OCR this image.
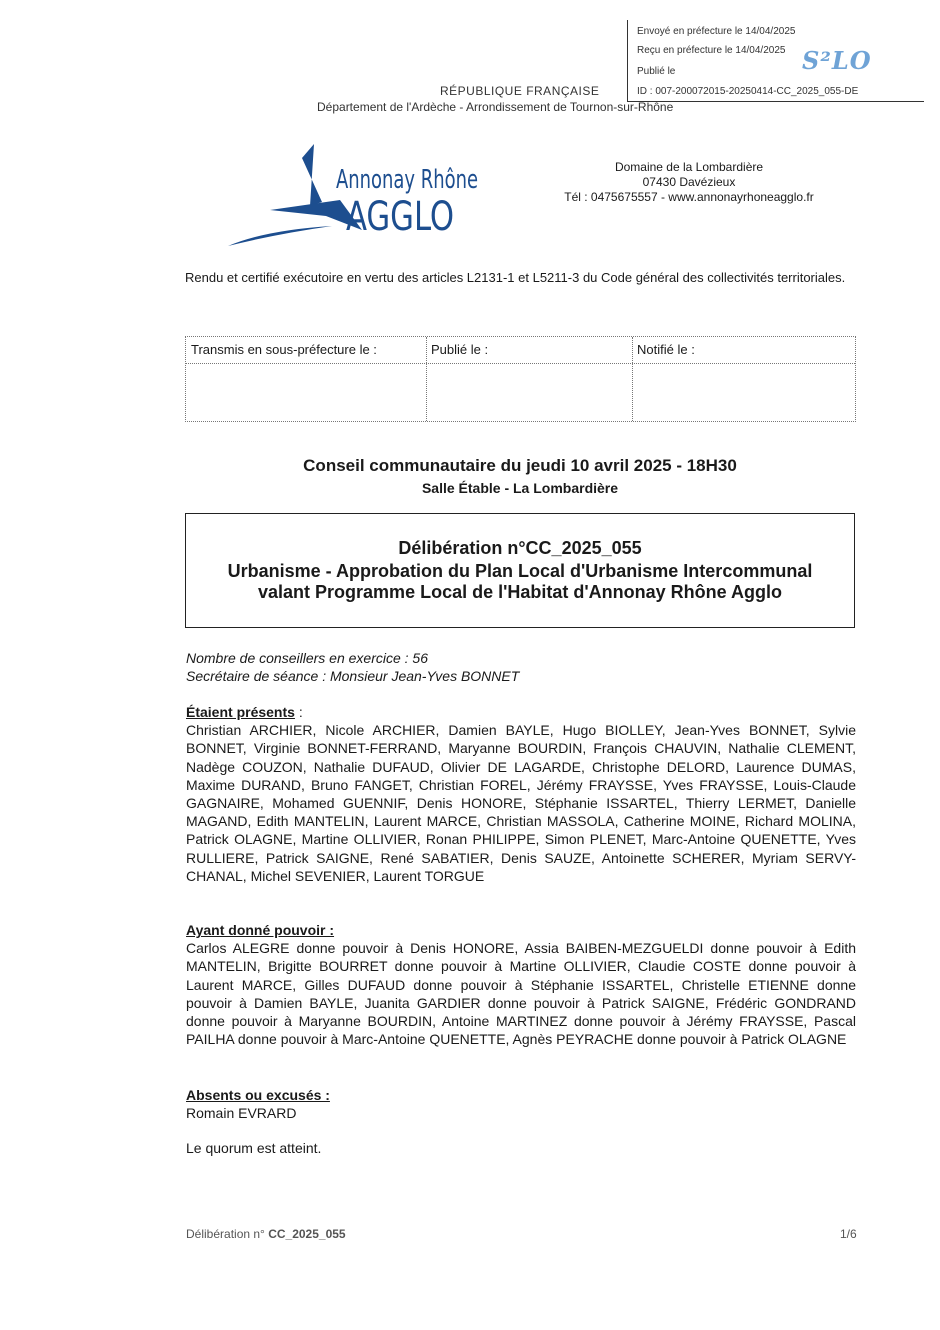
Envoyé en préfecture le 14/04/2025
Reçu en préfecture le 14/04/2025
Publié le
ID : 007-200072015-20250414-CC_2025_055-DE
S²LO
RÉPUBLIQUE FRANÇAISE
Département de l'Ardèche - Arrondissement de Tournon-sur-Rhône
Annonay Rhône
AGGLO
Domaine de la Lombardière
07430 Davézieux
Tél : 0475675557 - www.annonayrhoneagglo.fr
Rendu et certifié exécutoire en vertu des articles L2131-1 et L5211-3 du Code général des collectivités territoriales.
Transmis en sous-préfecture le :	Publié le :	Notifié le :
Conseil communautaire du jeudi 10 avril 2025 - 18H30
Salle Étable - La Lombardière
Délibération n°CC_2025_055
Urbanisme - Approbation du Plan Local d'Urbanisme Intercommunal
valant Programme Local de l'Habitat d'Annonay Rhône Agglo
Nombre de conseillers en exercice : 56
Secrétaire de séance : Monsieur Jean-Yves BONNET
Étaient présents :
Christian ARCHIER, Nicole ARCHIER, Damien BAYLE, Hugo BIOLLEY, Jean-Yves BONNET, Sylvie BONNET, Virginie BONNET-FERRAND, Maryanne BOURDIN, François CHAUVIN, Nathalie CLEMENT, Nadège COUZON, Nathalie DUFAUD, Olivier DE LAGARDE, Christophe DELORD, Laurence DUMAS, Maxime DURAND, Bruno FANGET, Christian FOREL, Jérémy FRAYSSE, Yves FRAYSSE, Louis-Claude GAGNAIRE, Mohamed GUENNIF, Denis HONORE, Stéphanie ISSARTEL, Thierry LERMET, Danielle MAGAND, Edith MANTELIN, Laurent MARCE, Christian MASSOLA, Catherine MOINE, Richard MOLINA, Patrick OLAGNE, Martine OLLIVIER, Ronan PHILIPPE, Simon PLENET, Marc-Antoine QUENETTE, Yves RULLIERE, Patrick SAIGNE, René SABATIER, Denis SAUZE, Antoinette SCHERER, Myriam SERVY-CHANAL, Michel SEVENIER, Laurent TORGUE
Ayant donné pouvoir :
Carlos ALEGRE donne pouvoir à Denis HONORE, Assia BAIBEN-MEZGUELDI donne pouvoir à Edith MANTELIN, Brigitte BOURRET donne pouvoir à Martine OLLIVIER, Claudie COSTE donne pouvoir à Laurent MARCE, Gilles DUFAUD donne pouvoir à Stéphanie ISSARTEL, Christelle ETIENNE donne pouvoir à Damien BAYLE, Juanita GARDIER donne pouvoir à Patrick SAIGNE, Frédéric GONDRAND donne pouvoir à Maryanne BOURDIN, Antoine MARTINEZ donne pouvoir à Jérémy FRAYSSE, Pascal PAILHA donne pouvoir à Marc-Antoine QUENETTE, Agnès PEYRACHE donne pouvoir à Patrick OLAGNE
Absents ou excusés :
Romain EVRARD
Le quorum est atteint.
Délibération n° CC_2025_055	1/6
